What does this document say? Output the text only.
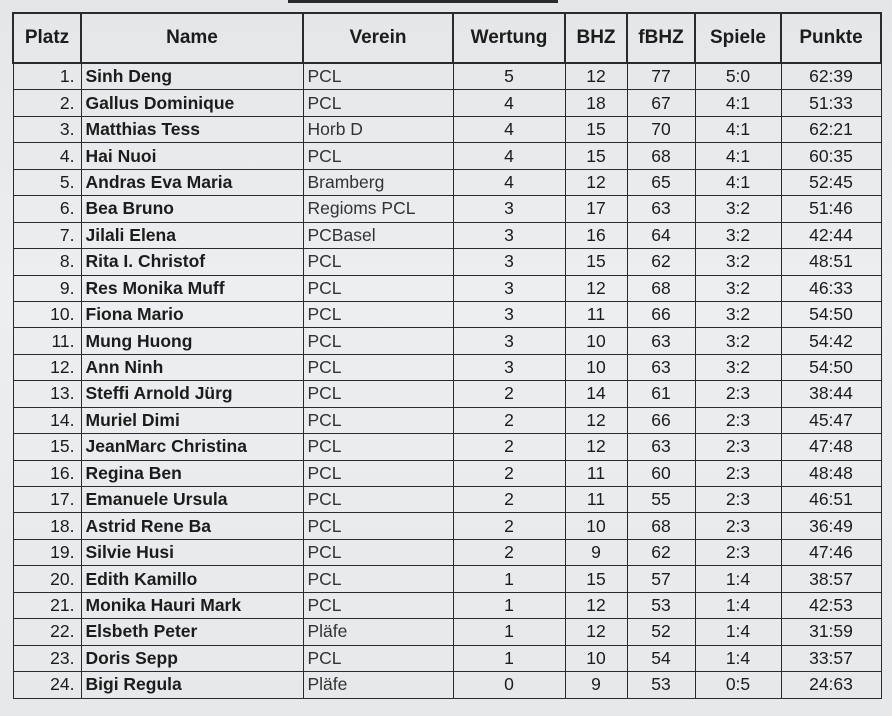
Platz	Name	Verein	Wertung	BHZ	fBHZ	Spiele	Punkte
1.	Sinh Deng	PCL	5	12	77	5:0	62:39
2.	Gallus Dominique	PCL	4	18	67	4:1	51:33
3.	Matthias Tess	Horb D	4	15	70	4:1	62:21
4.	Hai Nuoi	PCL	4	15	68	4:1	60:35
5.	Andras Eva Maria	Bramberg	4	12	65	4:1	52:45
6.	Bea Bruno	Regioms PCL	3	17	63	3:2	51:46
7.	Jilali Elena	PCBasel	3	16	64	3:2	42:44
8.	Rita I. Christof	PCL	3	15	62	3:2	48:51
9.	Res Monika Muff	PCL	3	12	68	3:2	46:33
10.	Fiona Mario	PCL	3	11	66	3:2	54:50
11.	Mung Huong	PCL	3	10	63	3:2	54:42
12.	Ann Ninh	PCL	3	10	63	3:2	54:50
13.	Steffi Arnold Jürg	PCL	2	14	61	2:3	38:44
14.	Muriel Dimi	PCL	2	12	66	2:3	45:47
15.	JeanMarc Christina	PCL	2	12	63	2:3	47:48
16.	Regina Ben	PCL	2	11	60	2:3	48:48
17.	Emanuele Ursula	PCL	2	11	55	2:3	46:51
18.	Astrid Rene Ba	PCL	2	10	68	2:3	36:49
19.	Silvie Husi	PCL	2	9	62	2:3	47:46
20.	Edith Kamillo	PCL	1	15	57	1:4	38:57
21.	Monika Hauri Mark	PCL	1	12	53	1:4	42:53
22.	Elsbeth Peter	Pläfe	1	12	52	1:4	31:59
23.	Doris Sepp	PCL	1	10	54	1:4	33:57
24.	Bigi Regula	Pläfe	0	9	53	0:5	24:63
